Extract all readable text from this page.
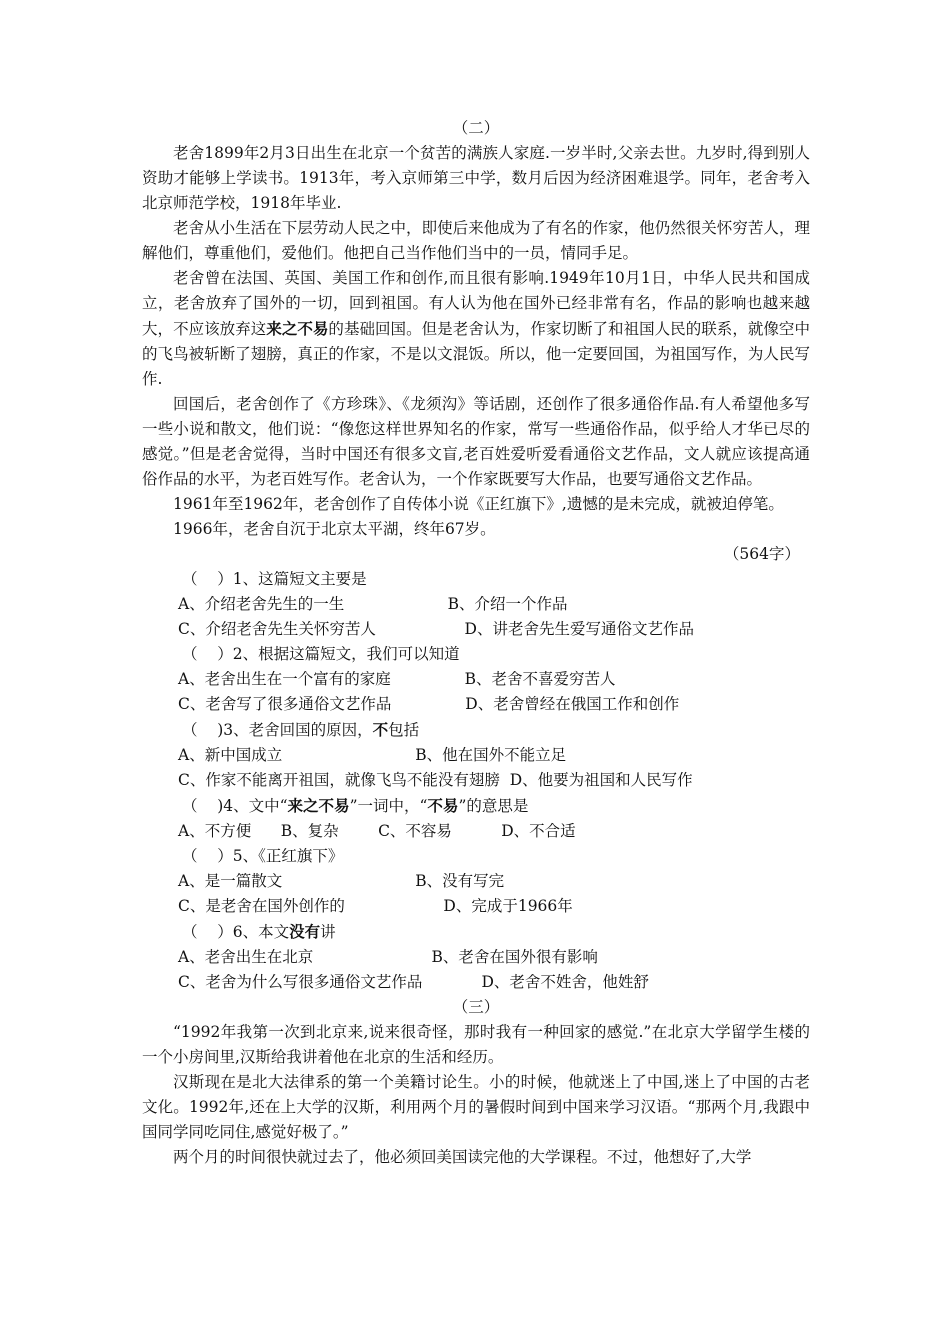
（二）

老舍1899年2月3日出生在北京一个贫苦的满族人家庭.一岁半时,父亲去世。九岁时,得到别人资助才能够上学读书。1913年，考入京师第三中学，数月后因为经济困难退学。同年，老舍考入北京师范学校，1918年毕业.

老舍从小生活在下层劳动人民之中，即使后来他成为了有名的作家，他仍然很关怀穷苦人，理解他们，尊重他们，爱他们。他把自己当作他们当中的一员，情同手足。

老舍曾在法国、英国、美国工作和创作,而且很有影响.1949年10月1日，中华人民共和国成立，老舍放弃了国外的一切，回到祖国。有人认为他在国外已经非常有名，作品的影响也越来越大，不应该放弃这来之不易的基础回国。但是老舍认为，作家切断了和祖国人民的联系，就像空中的飞鸟被斩断了翅膀，真正的作家，不是以文混饭。所以，他一定要回国，为祖国写作，为人民写作.

回国后，老舍创作了《方珍珠》、《龙须沟》等话剧，还创作了很多通俗作品.有人希望他多写一些小说和散文，他们说：“像您这样世界知名的作家，常写一些通俗作品，似乎给人才华已尽的感觉。”但是老舍觉得，当时中国还有很多文盲,老百姓爱听爱看通俗文艺作品，文人就应该提高通俗作品的水平，为老百姓写作。老舍认为，一个作家既要写大作品，也要写通俗文艺作品。

1961年至1962年，老舍创作了自传体小说《正红旗下》,遗憾的是未完成，就被迫停笔。

1966年，老舍自沉于北京太平湖，终年67岁。

（564字）

（    ）1、这篇短文主要是

A、介绍老舍先生的一生                     B、介绍一个作品

C、介绍老舍先生关怀穷苦人                  D、讲老舍先生爱写通俗文艺作品

（    ）2、根据这篇短文，我们可以知道

A、老舍出生在一个富有的家庭               B、老舍不喜爱穷苦人

C、老舍写了很多通俗文艺作品               D、老舍曾经在俄国工作和创作

（    )3、老舍回国的原因，不包括

A、新中国成立                           B、他在国外不能立足

C、作家不能离开祖国，就像飞鸟不能没有翅膀  D、他要为祖国和人民写作

（    )4、文中“来之不易”一词中，“不易”的意思是

A、不方便      B、复杂        C、不容易          D、不合适

（    ）5、《正红旗下》

A、是一篇散文                           B、没有写完

C、是老舍在国外创作的                    D、完成于1966年

（    ）6、本文没有讲

A、老舍出生在北京                        B、老舍在国外很有影响

C、老舍为什么写很多通俗文艺作品            D、老舍不姓舍，他姓舒

（三）

“1992年我第一次到北京来,说来很奇怪，那时我有一种回家的感觉.”在北京大学留学生楼的一个小房间里,汉斯给我讲着他在北京的生活和经历。

汉斯现在是北大法律系的第一个美籍讨论生。小的时候，他就迷上了中国,迷上了中国的古老文化。1992年,还在上大学的汉斯，利用两个月的暑假时间到中国来学习汉语。“那两个月,我跟中国同学同吃同住,感觉好极了。”

两个月的时间很快就过去了，他必须回美国读完他的大学课程。不过，他想好了,大学
